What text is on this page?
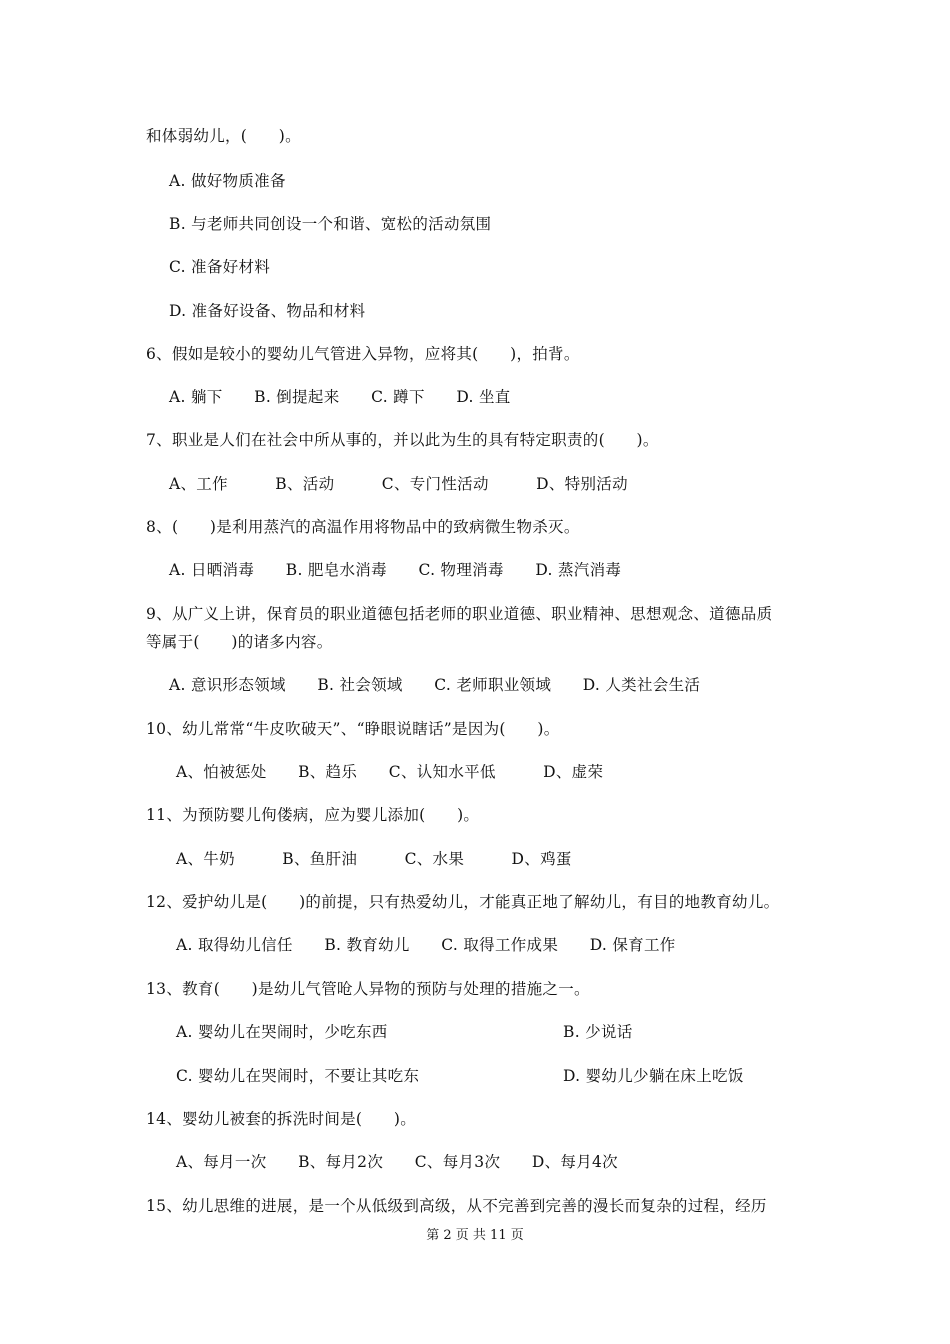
和体弱幼儿，(　　)。
A. 做好物质准备
B. 与老师共同创设一个和谐、宽松的活动氛围
C. 准备好材料
D. 准备好设备、物品和材料
6、假如是较小的婴幼儿气管进入异物，应将其(　　)，拍背。
A. 躺下　　B. 倒提起来　　C. 蹲下　　D. 坐直
7、职业是人们在社会中所从事的，并以此为生的具有特定职责的(　　)。
A、工作　　　B、活动　　　C、专门性活动　　　D、特别活动
8、(　　)是利用蒸汽的高温作用将物品中的致病微生物杀灭。
A. 日晒消毒　　B. 肥皂水消毒　　C. 物理消毒　　D. 蒸汽消毒
9、从广义上讲，保育员的职业道德包括老师的职业道德、职业精神、思想观念、道德品质
等属于(　　)的诸多内容。
A. 意识形态领域　　B. 社会领域　　C. 老师职业领域　　D. 人类社会生活
10、幼儿常常“牛皮吹破天”、“睁眼说瞎话”是因为(　　)。
A、怕被惩处　　B、趋乐　　C、认知水平低　　　D、虚荣
11、为预防婴儿佝偻病，应为婴儿添加(　　)。
A、牛奶　　　B、鱼肝油　　　C、水果　　　D、鸡蛋
12、爱护幼儿是(　　)的前提，只有热爱幼儿，才能真正地了解幼儿，有目的地教育幼儿。
A. 取得幼儿信任　　B. 教育幼儿　　C. 取得工作成果　　D. 保育工作
13、教育(　　)是幼儿气管呛人异物的预防与处理的措施之一。
A. 婴幼儿在哭闹时，少吃东西	B. 少说话
C. 婴幼儿在哭闹时，不要让其吃东	D. 婴幼儿少躺在床上吃饭
14、婴幼儿被套的拆洗时间是(　　)。
A、每月一次　　B、每月2次　　C、每月3次　　D、每月4次
15、幼儿思维的进展，是一个从低级到高级，从不完善到完善的漫长而复杂的过程，经历
第 2 页 共 11 页
